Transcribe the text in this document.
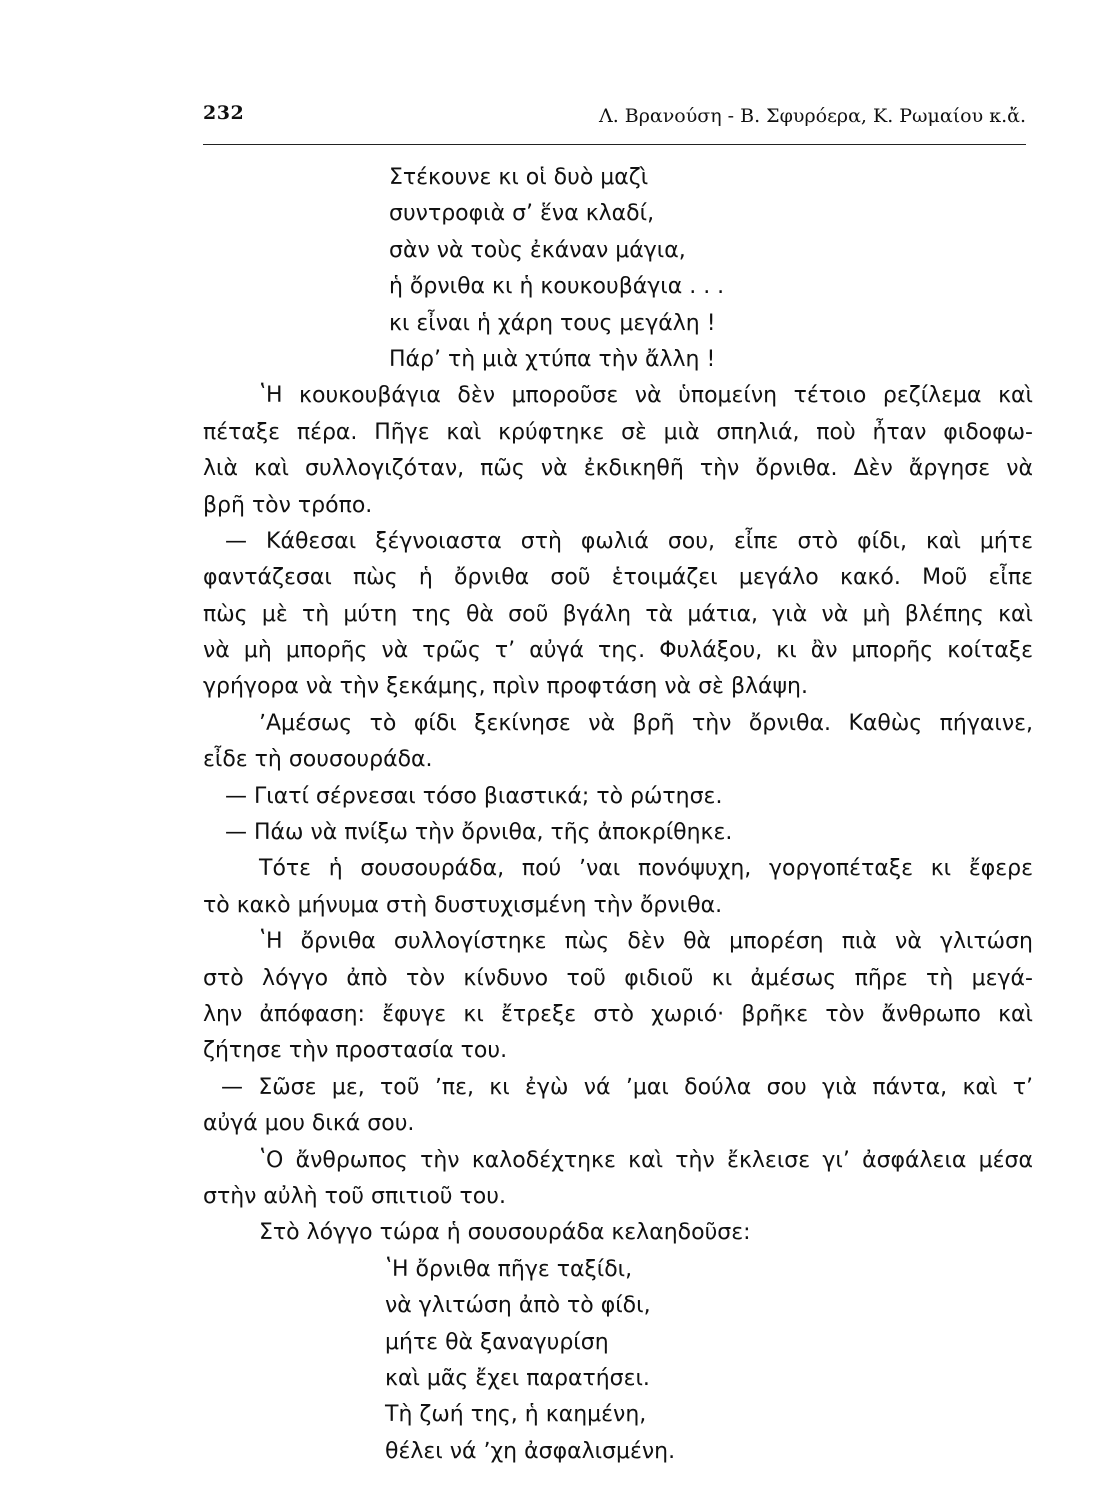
232	Λ. Βρανούση - Β. Σφυρόερα, Κ. Ρωμαίου κ.ἄ.
Στέκουνε κι οἱ δυὸ μαζὶ
συντροφιὰ σ’ ἕνα κλαδί,
σὰν νὰ τοὺς ἐκάναν μάγια,
ἡ ὄρνιθα κι ἡ κουκουβάγια . . .
κι εἶναι ἡ χάρη τους μεγάλη !
Πάρ’ τὴ μιὰ χτύπα τὴν ἄλλη !
ʽΗ κουκουβάγια δὲν μποροῦσε νὰ ὑπομείνη τέτοιο ρεζίλεμα καὶ
πέταξε πέρα. Πῆγε καὶ κρύφτηκε σὲ μιὰ σπηλιά, ποὺ ἦταν φιδοφω-
λιὰ καὶ συλλογιζόταν, πῶς νὰ ἐκδικηθῆ τὴν ὄρνιθα. Δὲν ἄργησε νὰ
βρῆ τὸν τρόπο.
— Κάθεσαι ξέγνοιαστα στὴ φωλιά σου, εἶπε στὸ φίδι, καὶ μήτε
φαντάζεσαι πὼς ἡ ὄρνιθα σοῦ ἑτοιμάζει μεγάλο κακό. Μοῦ εἶπε
πὼς μὲ τὴ μύτη της θὰ σοῦ βγάλη τὰ μάτια, γιὰ νὰ μὴ βλέπης καὶ
νὰ μὴ μπορῆς νὰ τρῶς τ’ αὐγά της. Φυλάξου, κι ἂν μπορῆς κοίταξε
γρήγορα νὰ τὴν ξεκάμης, πρὶν προφτάση νὰ σὲ βλάψη.
ʼΑμέσως τὸ φίδι ξεκίνησε νὰ βρῆ τὴν ὄρνιθα. Καθὼς πήγαινε,
εἶδε τὴ σουσουράδα.
— Γιατί σέρνεσαι τόσο βιαστικά; τὸ ρώτησε.
— Πάω νὰ πνίξω τὴν ὄρνιθα, τῆς ἀποκρίθηκε.
Τότε ἡ σουσουράδα, πού ʼναι πονόψυχη, γοργοπέταξε κι ἔφερε
τὸ κακὸ μήνυμα στὴ δυστυχισμένη τὴν ὄρνιθα.
ʽΗ ὄρνιθα συλλογίστηκε πὼς δὲν θὰ μπορέση πιὰ νὰ γλιτώση
στὸ λόγγο ἀπὸ τὸν κίνδυνο τοῦ φιδιοῦ κι ἀμέσως πῆρε τὴ μεγά-
λην ἀπόφαση: ἔφυγε κι ἔτρεξε στὸ χωριό· βρῆκε τὸν ἄνθρωπο καὶ
ζήτησε τὴν προστασία του.
— Σῶσε με, τοῦ ʼπε, κι ἐγὼ νά ʼμαι δούλα σου γιὰ πάντα, καὶ τ’
αὐγά μου δικά σου.
ʽΟ ἄνθρωπος τὴν καλοδέχτηκε καὶ τὴν ἔκλεισε γι’ ἀσφάλεια μέσα
στὴν αὐλὴ τοῦ σπιτιοῦ του.
Στὸ λόγγο τώρα ἡ σουσουράδα κελαηδοῦσε:
ʽΗ ὄρνιθα πῆγε ταξίδι,
νὰ γλιτώση ἀπὸ τὸ φίδι,
μήτε θὰ ξαναγυρίση
καὶ μᾶς ἔχει παρατήσει.
Τὴ ζωή της, ἡ καημένη,
θέλει νά ʼχη ἀσφαλισμένη.
